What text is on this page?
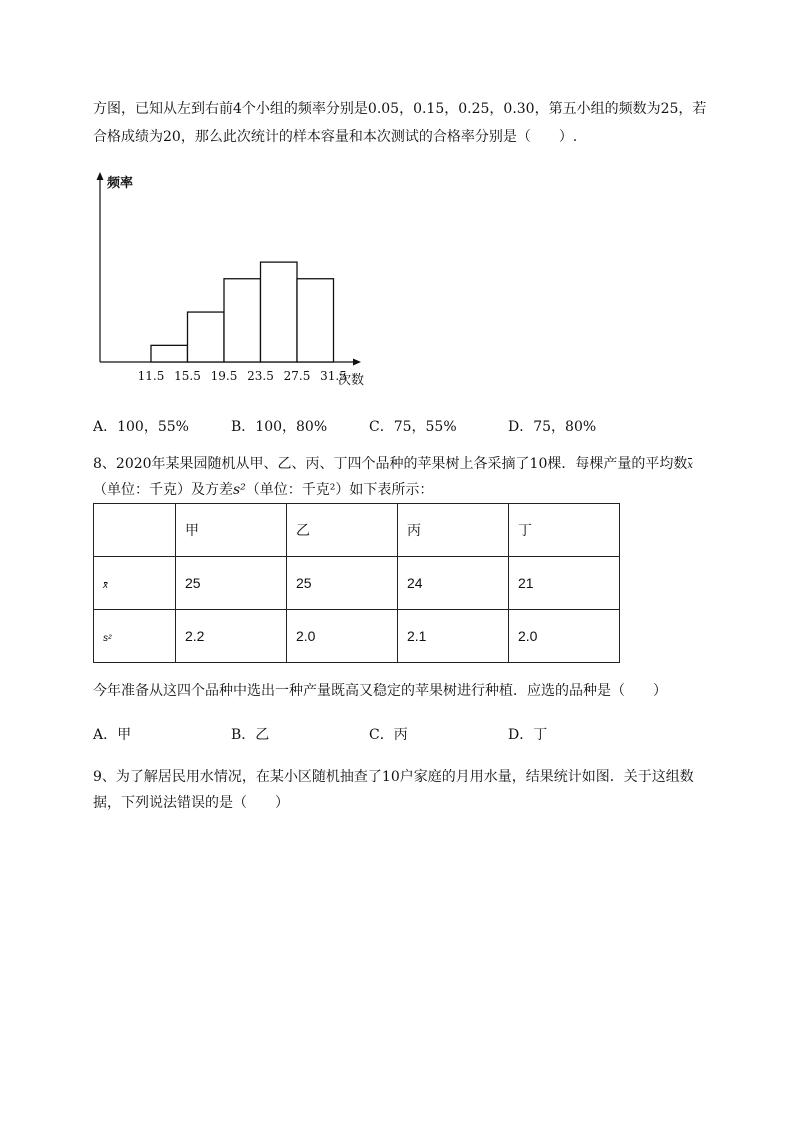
方图，已知从左到右前4个小组的频率分别是0.05，0.15，0.25，0.30，第五小组的频数为25，若
合格成绩为20，那么此次统计的样本容量和本次测试的合格率分别是（　　）.
频率
次数
11.5 15.5 19.5 23.5 27.5 31.5
A．100，55%	B．100，80%	C．75，55%	D．75，80%
8、2020年某果园随机从甲、乙、丙、丁四个品种的苹果树上各采摘了10棵．每棵产量的平均数x
（单位：千克）及方差s²（单位：千克²）如下表所示：
	甲	乙	丙	丁
x	25	25	24	21
s²	2.2	2.0	2.1	2.0
今年准备从这四个品种中选出一种产量既高又稳定的苹果树进行种植．应选的品种是（　　）
A．甲	B．乙	C．丙	D．丁
9、为了解居民用水情况，在某小区随机抽查了10户家庭的月用水量，结果统计如图．关于这组数
据，下列说法错误的是（　　）
